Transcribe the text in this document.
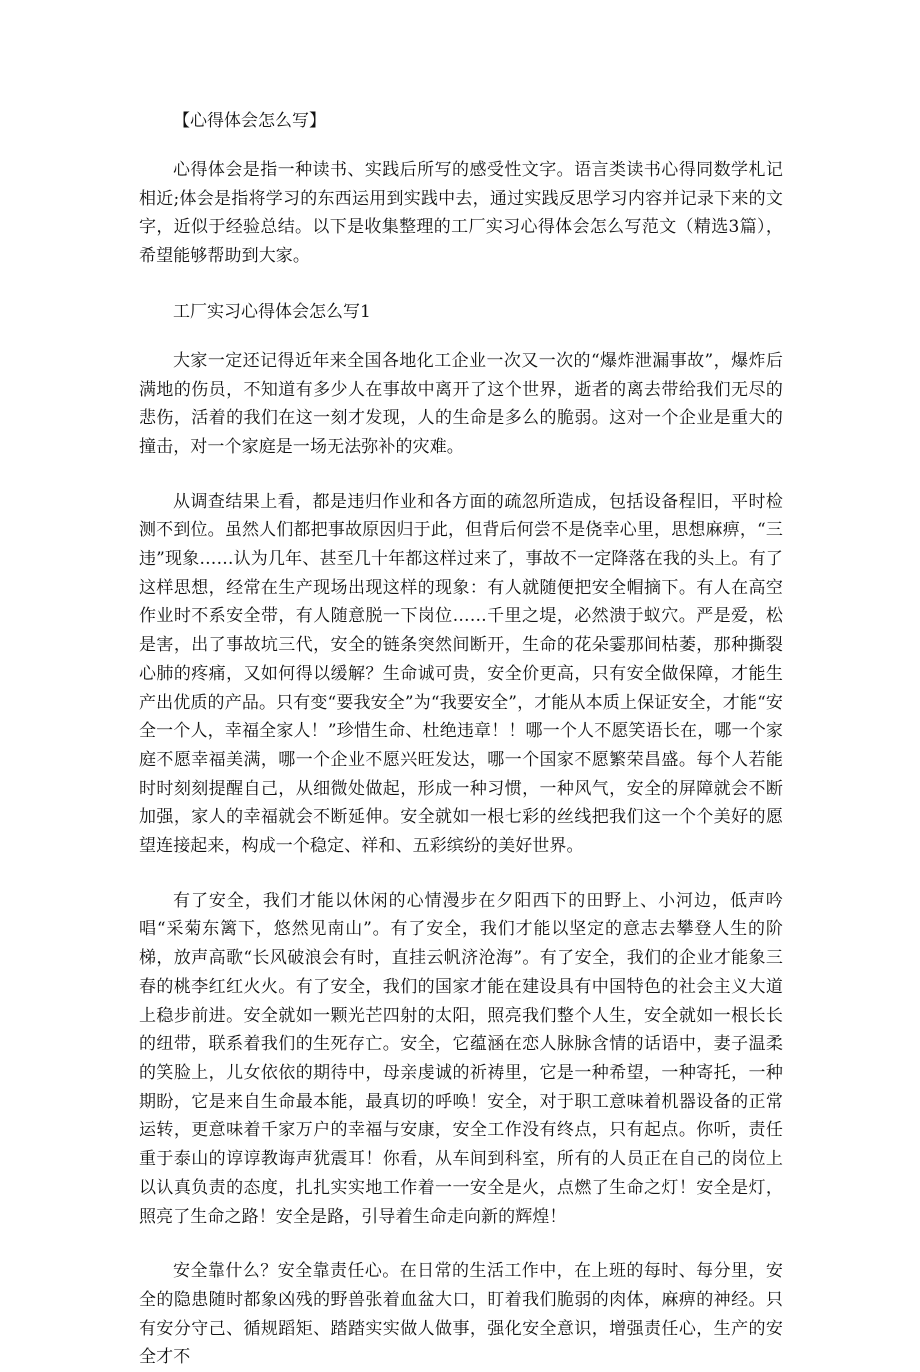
【心得体会怎么写】

心得体会是指一种读书、实践后所写的感受性文字。语言类读书心得同数学札记相近;体会是指将学习的东西运用到实践中去，通过实践反思学习内容并记录下来的文字，近似于经验总结。以下是收集整理的工厂实习心得体会怎么写范文（精选3篇），希望能够帮助到大家。

工厂实习心得体会怎么写1

大家一定还记得近年来全国各地化工企业一次又一次的“爆炸泄漏事故”，爆炸后满地的伤员，不知道有多少人在事故中离开了这个世界，逝者的离去带给我们无尽的悲伤，活着的我们在这一刻才发现，人的生命是多么的脆弱。这对一个企业是重大的撞击，对一个家庭是一场无法弥补的灾难。

从调查结果上看，都是违归作业和各方面的疏忽所造成，包括设备程旧，平时检测不到位。虽然人们都把事故原因归于此，但背后何尝不是侥幸心里，思想麻痹，“三违”现象……认为几年、甚至几十年都这样过来了，事故不一定降落在我的头上。有了这样思想，经常在生产现场出现这样的现象：有人就随便把安全帽摘下。有人在高空作业时不系安全带，有人随意脱一下岗位……千里之堤，必然溃于蚁穴。严是爱，松是害，出了事故坑三代，安全的链条突然间断开，生命的花朵霎那间枯萎，那种撕裂心肺的疼痛，又如何得以缓解？生命诚可贵，安全价更高，只有安全做保障，才能生产出优质的产品。只有变“要我安全”为“我要安全”，才能从本质上保证安全，才能“安全一个人，幸福全家人！”珍惜生命、杜绝违章！！哪一个人不愿笑语长在，哪一个家庭不愿幸福美满，哪一个企业不愿兴旺发达，哪一个国家不愿繁荣昌盛。每个人若能时时刻刻提醒自己，从细微处做起，形成一种习惯，一种风气，安全的屏障就会不断加强，家人的幸福就会不断延伸。安全就如一根七彩的丝线把我们这一个个美好的愿望连接起来，构成一个稳定、祥和、五彩缤纷的美好世界。

有了安全，我们才能以休闲的心情漫步在夕阳西下的田野上、小河边，低声吟唱“采菊东篱下，悠然见南山”。有了安全，我们才能以坚定的意志去攀登人生的阶梯，放声高歌“长风破浪会有时，直挂云帆济沧海”。有了安全，我们的企业才能象三春的桃李红红火火。有了安全，我们的国家才能在建设具有中国特色的社会主义大道上稳步前进。安全就如一颗光芒四射的太阳，照亮我们整个人生，安全就如一根长长的纽带，联系着我们的生死存亡。安全，它蕴涵在恋人脉脉含情的话语中，妻子温柔的笑脸上，儿女依依的期待中，母亲虔诚的祈祷里，它是一种希望，一种寄托，一种期盼，它是来自生命最本能，最真切的呼唤！安全，对于职工意味着机器设备的正常运转，更意味着千家万户的幸福与安康，安全工作没有终点，只有起点。你听，责任重于泰山的谆谆教诲声犹震耳！你看，从车间到科室，所有的人员正在自己的岗位上以认真负责的态度，扎扎实实地工作着一一安全是火，点燃了生命之灯！安全是灯，照亮了生命之路！安全是路，引导着生命走向新的辉煌！

安全靠什么？安全靠责任心。在日常的生活工作中，在上班的每时、每分里，安全的隐患随时都象凶残的野兽张着血盆大口，盯着我们脆弱的肉体，麻痹的神经。只有安分守己、循规蹈矩、踏踏实实做人做事，强化安全意识，增强责任心，生产的安全才不
